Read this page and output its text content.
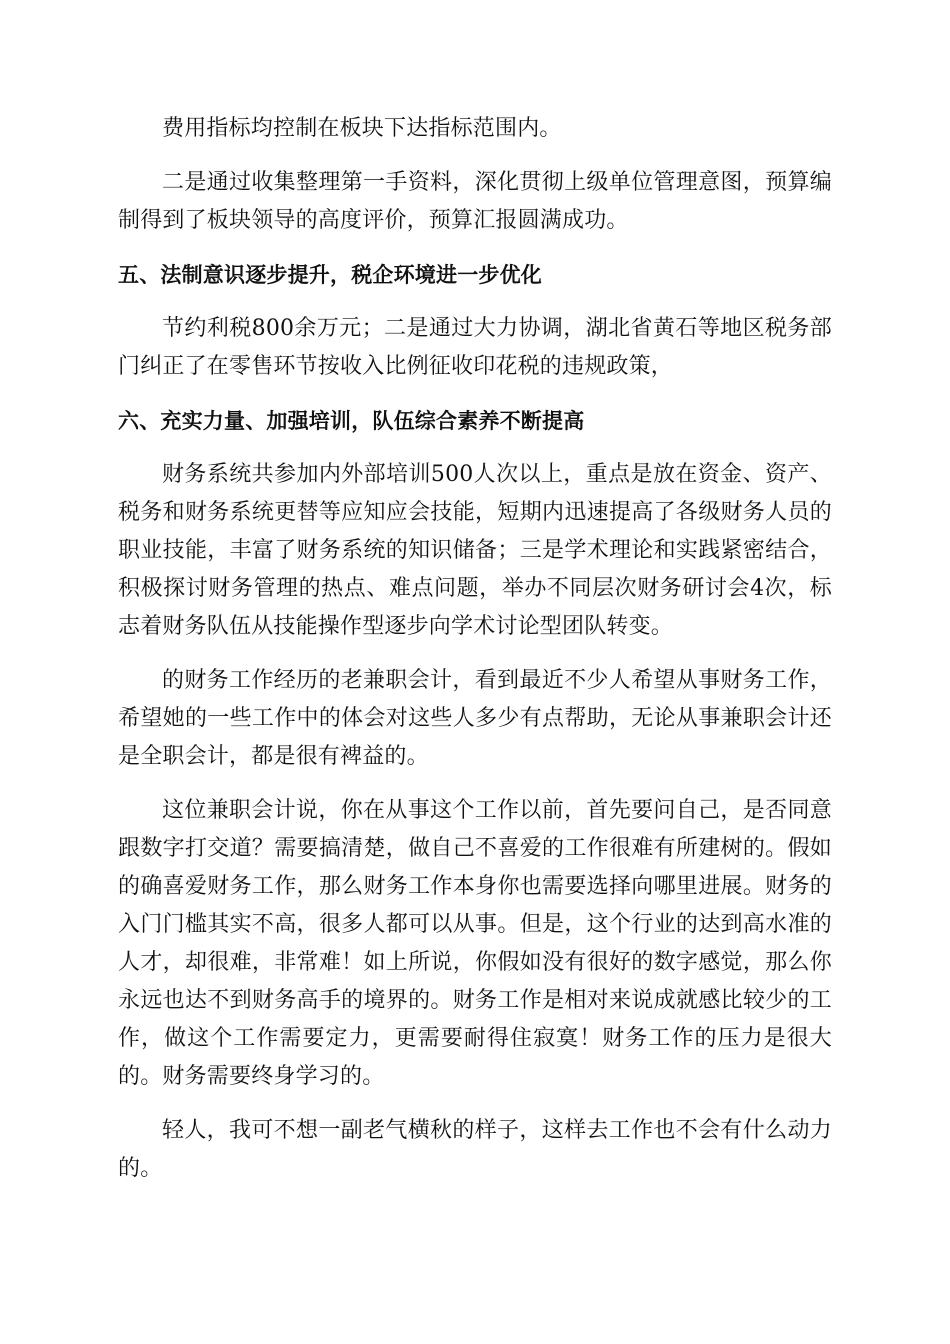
费用指标均控制在板块下达指标范围内。

二是通过收集整理第一手资料，深化贯彻上级单位管理意图，预算编制得到了板块领导的高度评价，预算汇报圆满成功。

五、法制意识逐步提升，税企环境进一步优化

节约利税800余万元；二是通过大力协调，湖北省黄石等地区税务部门纠正了在零售环节按收入比例征收印花税的违规政策，

六、充实力量、加强培训，队伍综合素养不断提高

财务系统共参加内外部培训500人次以上，重点是放在资金、资产、税务和财务系统更替等应知应会技能，短期内迅速提高了各级财务人员的职业技能，丰富了财务系统的知识储备；三是学术理论和实践紧密结合，积极探讨财务管理的热点、难点问题，举办不同层次财务研讨会4次，标志着财务队伍从技能操作型逐步向学术讨论型团队转变。

的财务工作经历的老兼职会计，看到最近不少人希望从事财务工作，希望她的一些工作中的体会对这些人多少有点帮助，无论从事兼职会计还是全职会计，都是很有裨益的。

这位兼职会计说，你在从事这个工作以前，首先要问自己，是否同意跟数字打交道？需要搞清楚，做自己不喜爱的工作很难有所建树的。假如的确喜爱财务工作，那么财务工作本身你也需要选择向哪里进展。财务的入门门槛其实不高，很多人都可以从事。但是，这个行业的达到高水准的人才，却很难，非常难！如上所说，你假如没有很好的数字感觉，那么你永远也达不到财务高手的境界的。财务工作是相对来说成就感比较少的工作，做这个工作需要定力，更需要耐得住寂寞！财务工作的压力是很大的。财务需要终身学习的。

轻人，我可不想一副老气横秋的样子，这样去工作也不会有什么动力的。
